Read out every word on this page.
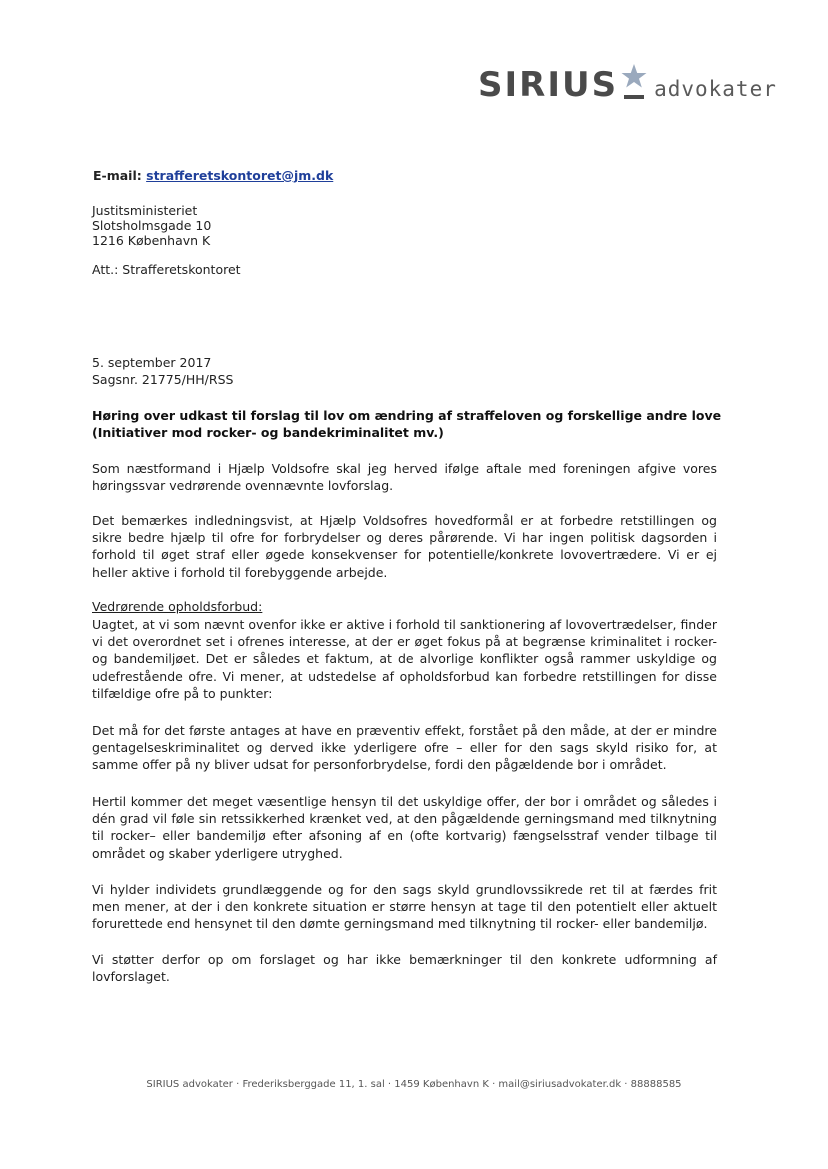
SIRIUS advokater
E-mail: strafferetskontoret@jm.dk
Justitsministeriet
Slotsholmsgade 10
1216 København K
Att.: Strafferetskontoret
5. september 2017
Sagsnr. 21775/HH/RSS
Høring over udkast til forslag til lov om ændring af straffeloven og forskellige andre love
(Initiativer mod rocker- og bandekriminalitet mv.)
Som næstformand i Hjælp Voldsofre skal jeg herved ifølge aftale med foreningen afgive vores høringssvar vedrørende ovennævnte lovforslag.
Det bemærkes indledningsvist, at Hjælp Voldsofres hovedformål er at forbedre retstillingen og sikre bedre hjælp til ofre for forbrydelser og deres pårørende. Vi har ingen politisk dagsorden i forhold til øget straf eller øgede konsekvenser for potentielle/konkrete lovovertrædere. Vi er ej heller aktive i forhold til forebyggende arbejde.
Vedrørende opholdsforbud:
Uagtet, at vi som nævnt ovenfor ikke er aktive i forhold til sanktionering af lovovertrædelser, finder vi det overordnet set i ofrenes interesse, at der er øget fokus på at begrænse kriminalitet i rocker- og bandemiljøet. Det er således et faktum, at de alvorlige konflikter også rammer uskyldige og udefrestående ofre. Vi mener, at udstedelse af opholdsforbud kan forbedre retstillingen for disse tilfældige ofre på to punkter:
Det må for det første antages at have en præventiv effekt, forstået på den måde, at der er mindre gentagelseskriminalitet og derved ikke yderligere ofre – eller for den sags skyld risiko for, at samme offer på ny bliver udsat for personforbrydelse, fordi den pågældende bor i området.
Hertil kommer det meget væsentlige hensyn til det uskyldige offer, der bor i området og således i dén grad vil føle sin retssikkerhed krænket ved, at den pågældende gerningsmand med tilknytning til rocker– eller bandemiljø efter afsoning af en (ofte kortvarig) fængselsstraf vender tilbage til området og skaber yderligere utryghed.
Vi hylder individets grundlæggende og for den sags skyld grundlovssikrede ret til at færdes frit men mener, at der i den konkrete situation er større hensyn at tage til den potentielt eller aktuelt forurettede end hensynet til den dømte gerningsmand med tilknytning til rocker- eller bandemiljø.
Vi støtter derfor op om forslaget og har ikke bemærkninger til den konkrete udformning af lovforslaget.
SIRIUS advokater · Frederiksberggade 11, 1. sal · 1459 København K · mail@siriusadvokater.dk · 88888585
